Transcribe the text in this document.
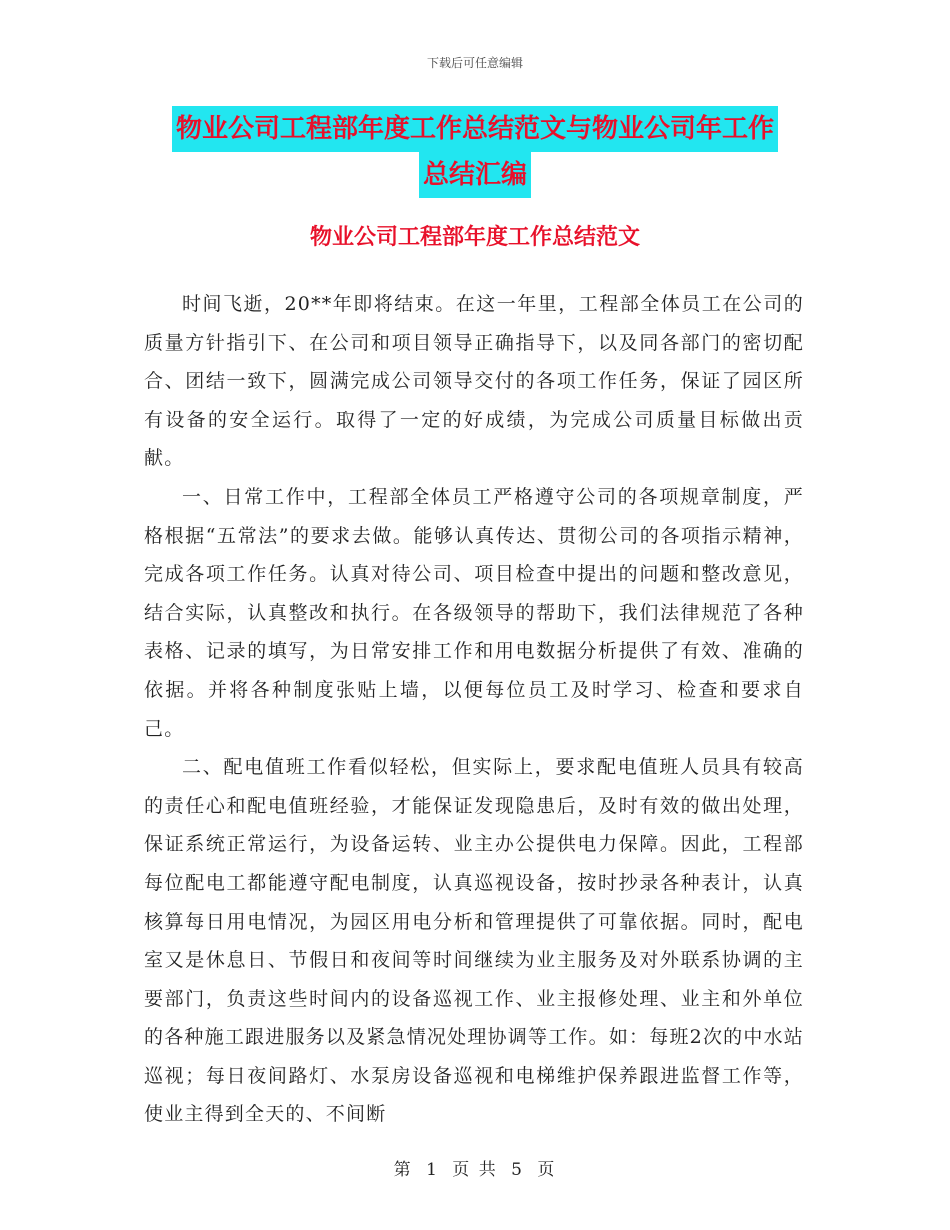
下载后可任意编辑
物业公司工程部年度工作总结范文与物业公司年工作
总结汇编
物业公司工程部年度工作总结范文

时间飞逝，20**年即将结束。在这一年里，工程部全体员工在公司的质量方针指引下、在公司和项目领导正确指导下，以及同各部门的密切配合、团结一致下，圆满完成公司领导交付的各项工作任务，保证了园区所有设备的安全运行。取得了一定的好成绩，为完成公司质量目标做出贡献。

一、日常工作中，工程部全体员工严格遵守公司的各项规章制度，严格根据“五常法”的要求去做。能够认真传达、贯彻公司的各项指示精神，完成各项工作任务。认真对待公司、项目检查中提出的问题和整改意见，结合实际，认真整改和执行。在各级领导的帮助下，我们法律规范了各种表格、记录的填写，为日常安排工作和用电数据分析提供了有效、准确的依据。并将各种制度张贴上墙，以便每位员工及时学习、检查和要求自己。

二、配电值班工作看似轻松，但实际上，要求配电值班人员具有较高的责任心和配电值班经验，才能保证发现隐患后，及时有效的做出处理，保证系统正常运行，为设备运转、业主办公提供电力保障。因此，工程部每位配电工都能遵守配电制度，认真巡视设备，按时抄录各种表计，认真核算每日用电情况，为园区用电分析和管理提供了可靠依据。同时，配电室又是休息日、节假日和夜间等时间继续为业主服务及对外联系协调的主要部门，负责这些时间内的设备巡视工作、业主报修处理、业主和外单位的各种施工跟进服务以及紧急情况处理协调等工作。如：每班2次的中水站巡视；每日夜间路灯、水泵房设备巡视和电梯维护保养跟进监督工作等，使业主得到全天的、不间断

第 1 页 共 5 页
